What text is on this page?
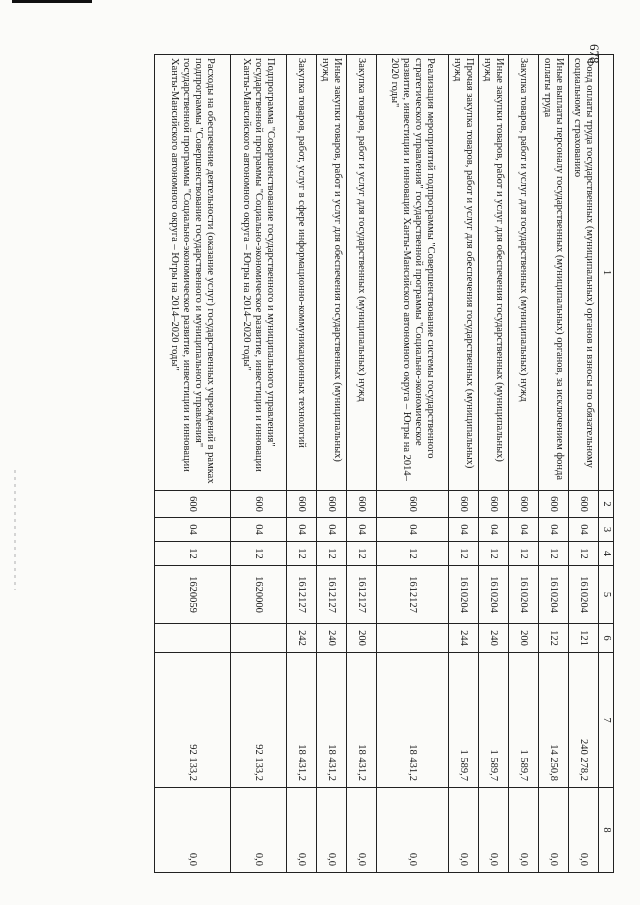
678
1	2	3	4	5	6	7	8
Фонд оплаты труда государственных (муниципальных) органов и взносы по обязательному социальному страхованию	600	04	12	1610204	121	240 278,2	0,0
Иные выплаты персоналу государственных (муниципальных) органов, за исключением фонда оплаты труда	600	04	12	1610204	122	14 250,8	0,0
Закупка товаров, работ и услуг для государственных (муниципальных) нужд	600	04	12	1610204	200	1 589,7	0,0
Иные закупки товаров, работ и услуг для обеспечения государственных (муниципальных) нужд	600	04	12	1610204	240	1 589,7	0,0
Прочая закупка товаров, работ и услуг для обеспечения государственных (муниципальных) нужд	600	04	12	1610204	244	1 589,7	0,0
Реализация мероприятий подпрограммы "Совершенствование системы государственного стратегического управления" государственной программы "Социально-экономическое развитие, инвестиции и инновации Ханты-Мансийского автономного округа – Югры на 2014–2020 годы"	600	04	12	1612127		18 431,2	0,0
Закупка товаров, работ и услуг для государственных (муниципальных) нужд	600	04	12	1612127	200	18 431,2	0,0
Иные закупки товаров, работ и услуг для обеспечения государственных (муниципальных) нужд	600	04	12	1612127	240	18 431,2	0,0
Закупка товаров, работ, услуг в сфере информационно-коммуникационных технологий	600	04	12	1612127	242	18 431,2	0,0
Подпрограмма "Совершенствование государственного и муниципального управления" государственной программы "Социально-экономическое развитие, инвестиции и инновации Ханты-Мансийского автономного округа – Югры на 2014–2020 годы"	600	04	12	1620000		92 133,2	0,0
Расходы на обеспечение деятельности (оказание услуг) государственных учреждений в рамках подпрограммы "Совершенствование государственного и муниципального управления" государственной программы "Социально-экономическое развитие, инвестиции и инновации Ханты-Мансийского автономного округа – Югры на 2014–2020 годы"	600	04	12	1620059		92 133,2	0,0
